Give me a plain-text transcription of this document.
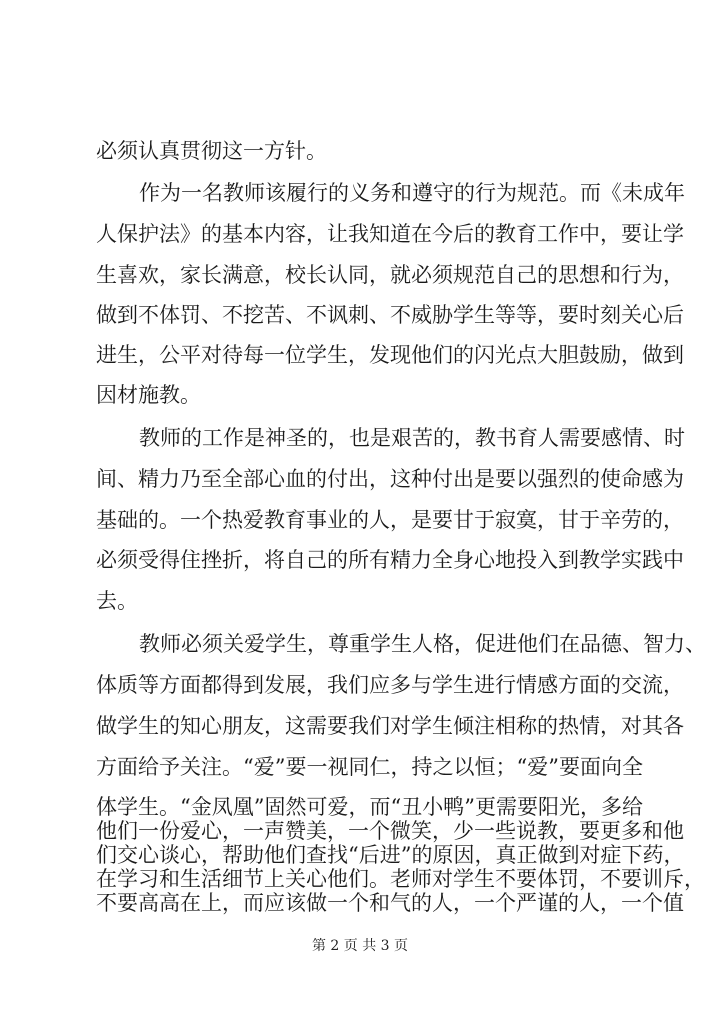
必须认真贯彻这一方针。
作为一名教师该履行的义务和遵守的行为规范。而《未成年
人保护法》的基本内容，让我知道在今后的教育工作中，要让学
生喜欢，家长满意，校长认同，就必须规范自己的思想和行为，
做到不体罚、不挖苦、不讽刺、不威胁学生等等，要时刻关心后
进生，公平对待每一位学生，发现他们的闪光点大胆鼓励，做到
因材施教。
教师的工作是神圣的，也是艰苦的，教书育人需要感情、时
间、精力乃至全部心血的付出，这种付出是要以强烈的使命感为
基础的。一个热爱教育事业的人，是要甘于寂寞，甘于辛劳的，
必须受得住挫折，将自己的所有精力全身心地投入到教学实践中
去。
教师必须关爱学生，尊重学生人格，促进他们在品德、智力、
体质等方面都得到发展，我们应多与学生进行情感方面的交流，
做学生的知心朋友，这需要我们对学生倾注相称的热情，对其各
方面给予关注。“爱”要一视同仁，持之以恒；“爱”要面向全
体学生。“金凤凰”固然可爱，而“丑小鸭”更需要阳光，多给
他们一份爱心，一声赞美，一个微笑，少一些说教，要更多和他
们交心谈心，帮助他们查找“后进”的原因，真正做到对症下药，
第 2 页 共 3 页
在学习和生活细节上关心他们。老师对学生不要体罚，不要训斥，
不要高高在上，而应该做一个和气的人，一个严谨的人，一个值
